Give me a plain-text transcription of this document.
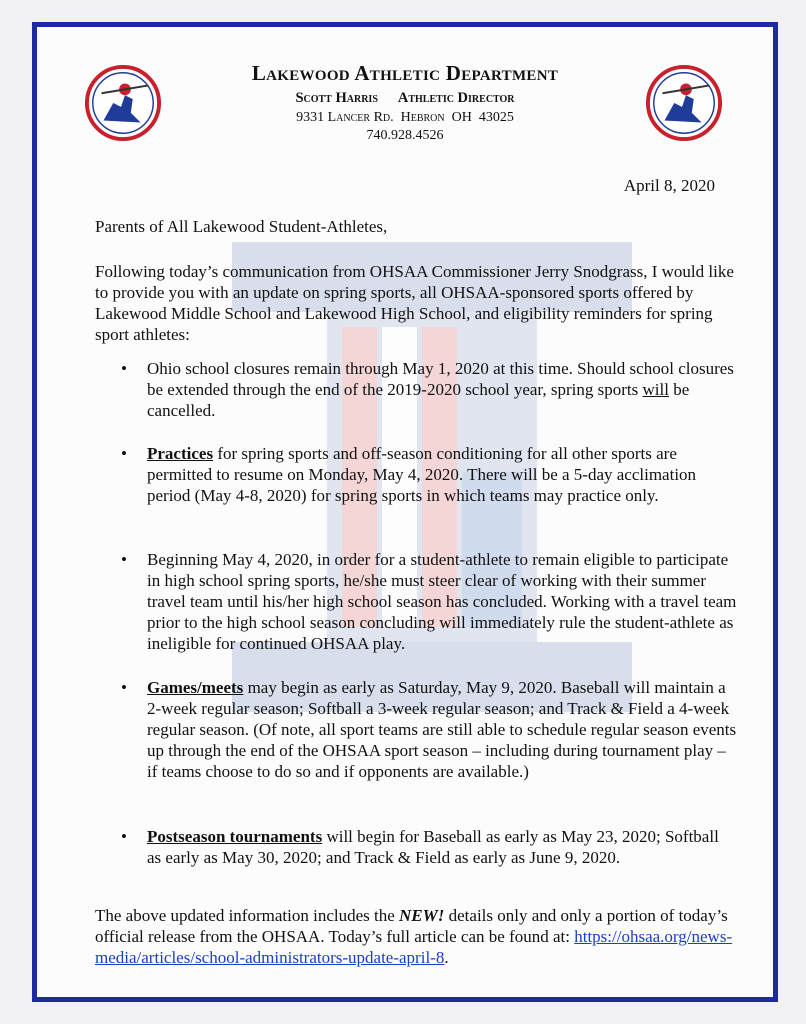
Lakewood Athletic Department
Scott Harris Athletic Director
9331 Lancer Rd.  Hebron  OH  43025
740.928.4526
April 8, 2020

Parents of All Lakewood Student-Athletes,

Following today’s communication from OHSAA Commissioner Jerry Snodgrass, I would like to provide you with an update on spring sports, all OHSAA-sponsored sports offered by Lakewood Middle School and Lakewood High School, and eligibility reminders for spring sport athletes:

• Ohio school closures remain through May 1, 2020 at this time. Should school closures be extended through the end of the 2019-2020 school year, spring sports will be cancelled.

• Practices for spring sports and off-season conditioning for all other sports are permitted to resume on Monday, May 4, 2020. There will be a 5-day acclimation period (May 4-8, 2020) for spring sports in which teams may practice only.

• Beginning May 4, 2020, in order for a student-athlete to remain eligible to participate in high school spring sports, he/she must steer clear of working with their summer travel team until his/her high school season has concluded. Working with a travel team prior to the high school season concluding will immediately rule the student-athlete as ineligible for continued OHSAA play.

• Games/meets may begin as early as Saturday, May 9, 2020. Baseball will maintain a 2-week regular season; Softball a 3-week regular season; and Track & Field a 4-week regular season. (Of note, all sport teams are still able to schedule regular season events up through the end of the OHSAA sport season – including during tournament play – if teams choose to do so and if opponents are available.)

• Postseason tournaments will begin for Baseball as early as May 23, 2020; Softball as early as May 30, 2020; and Track & Field as early as June 9, 2020.

The above updated information includes the NEW! details only and only a portion of today’s official release from the OHSAA. Today’s full article can be found at: https://ohsaa.org/news-media/articles/school-administrators-update-april-8.
